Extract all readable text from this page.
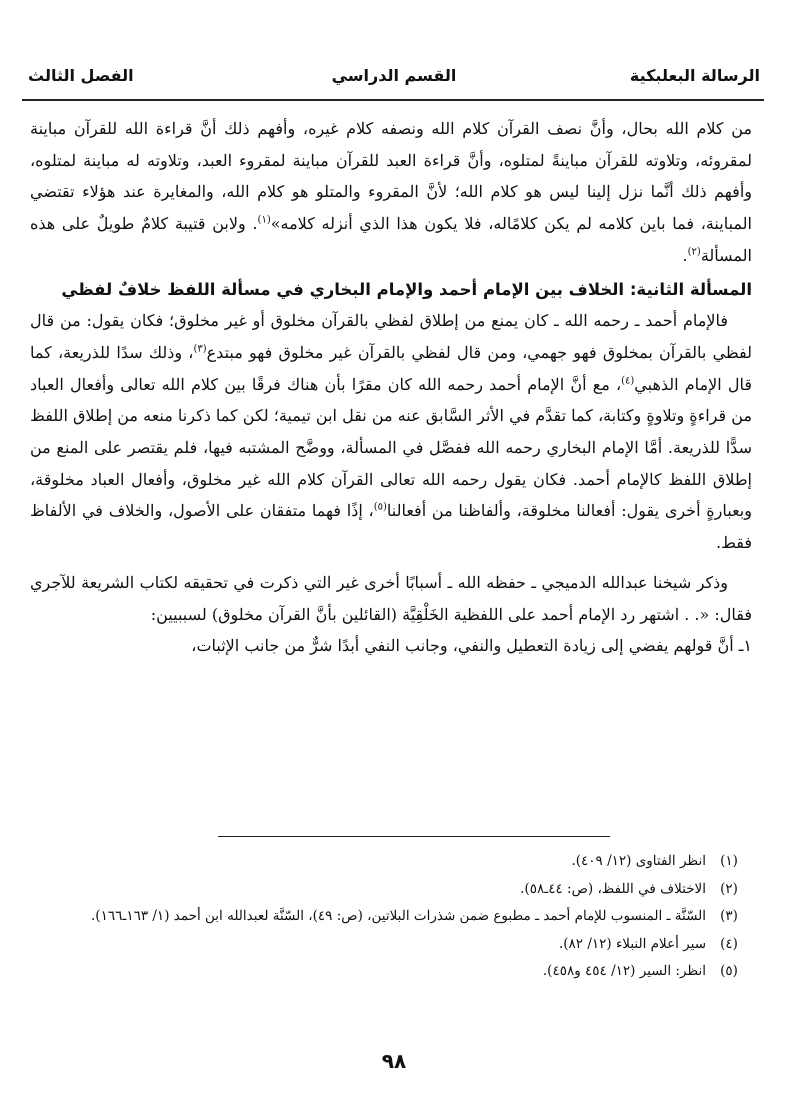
الرسالة البعلبكية
القسم الدراسي
الفصل الثالث

من كلام الله بحال، وأنَّ نصف القرآن كلام الله ونصفه كلام غيره، وأفهم ذلك أنَّ قراءة الله للقرآن مباينة لمقروئه، وتلاوته للقرآن مباينةً لمتلوه، وأنَّ قراءة العبد للقرآن مباينة لمقروء العبد، وتلاوته له مباينة لمتلوه، وأفهم ذلك أنَّما نزل إلينا ليس هو كلام الله؛ لأنَّ المقروء والمتلو هو كلام الله، والمغايرة عند هؤلاء تقتضي المباينة، فما باين كلامه لم يكن كلامًاله، فلا يكون هذا الذي أنزله كلامه»$^{(١)}$. ولابن قتيبة كلامٌ طويلٌ على هذه المسألة$^{(٢)}$.

المسألة الثانية: الخلاف بين الإمام أحمد والإمام البخاري في مسألة اللفظ خلافٌ لفظي

فالإمام أحمد ـ رحمه الله ـ كان يمنع من إطلاق لفظي بالقرآن مخلوق أو غير مخلوق؛ فكان يقول: من قال لفظي بالقرآن بمخلوق فهو جهمي، ومن قال لفظي بالقرآن غير مخلوق فهو مبتدع$^{(٣)}$، وذلك سدًا للذريعة، كما قال الإمام الذهبي$^{(٤)}$، مع أنَّ الإمام أحمد رحمه الله كان مقرًا بأن هناك فرقًا بين كلام الله تعالى وأفعال العباد من قراءةٍ وتلاوةٍ وكتابة، كما تقدَّم في الأثر السَّابق عنه من نقل ابن تيمية؛ لكن كما ذكرنا منعه من إطلاق اللفظ سدًّا للذريعة. أمَّا الإمام البخاري رحمه الله ففصَّل في المسألة، ووضَّح المشتبه فيها، فلم يقتصر على المنع من إطلاق اللفظ كالإمام أحمد. فكان يقول رحمه الله تعالى القرآن كلام الله غير مخلوق، وأفعال العباد مخلوقة، وبعبارةٍ أخرى يقول: أفعالنا مخلوقة، وألفاظنا من أفعالنا$^{(٥)}$، إذًا فهما متفقان على الأصول، والخلاف في الألفاظ فقط.

وذكر شيخنا عبدالله الدميجي ـ حفظه الله ـ أسبابًا أخرى غير التي ذكرت في تحقيقه لكتاب الشريعة للآجري فقال: «. . اشتهر رد الإمام أحمد على اللفظية الخَلْقِيَّة (القائلين بأنَّ القرآن مخلوق) لسببيين:

١ـ أنَّ قولهم يفضي إلى زيادة التعطيل والنفي، وجانب النفي أبدًا شرٌّ من جانب الإثبات،

(١)
انظر الفتاوى (١٢/ ٤٠٩).
(٢)
الاختلاف في اللفظ، (ص: ٤٤ـ٥٨).
(٣)
السّنَّة ـ المنسوب للإمام أحمد ـ مطبوع ضمن شذرات البلاتين، (ص: ٤٩)، السّنَّة لعبدالله ابن أحمد (١/ ١٦٣ـ١٦٦).
(٤)
سير أعلام النبلاء (١٢/ ٨٢).
(٥)
انظر: السير (١٢/ ٤٥٤ و٤٥٨).
٩٨
